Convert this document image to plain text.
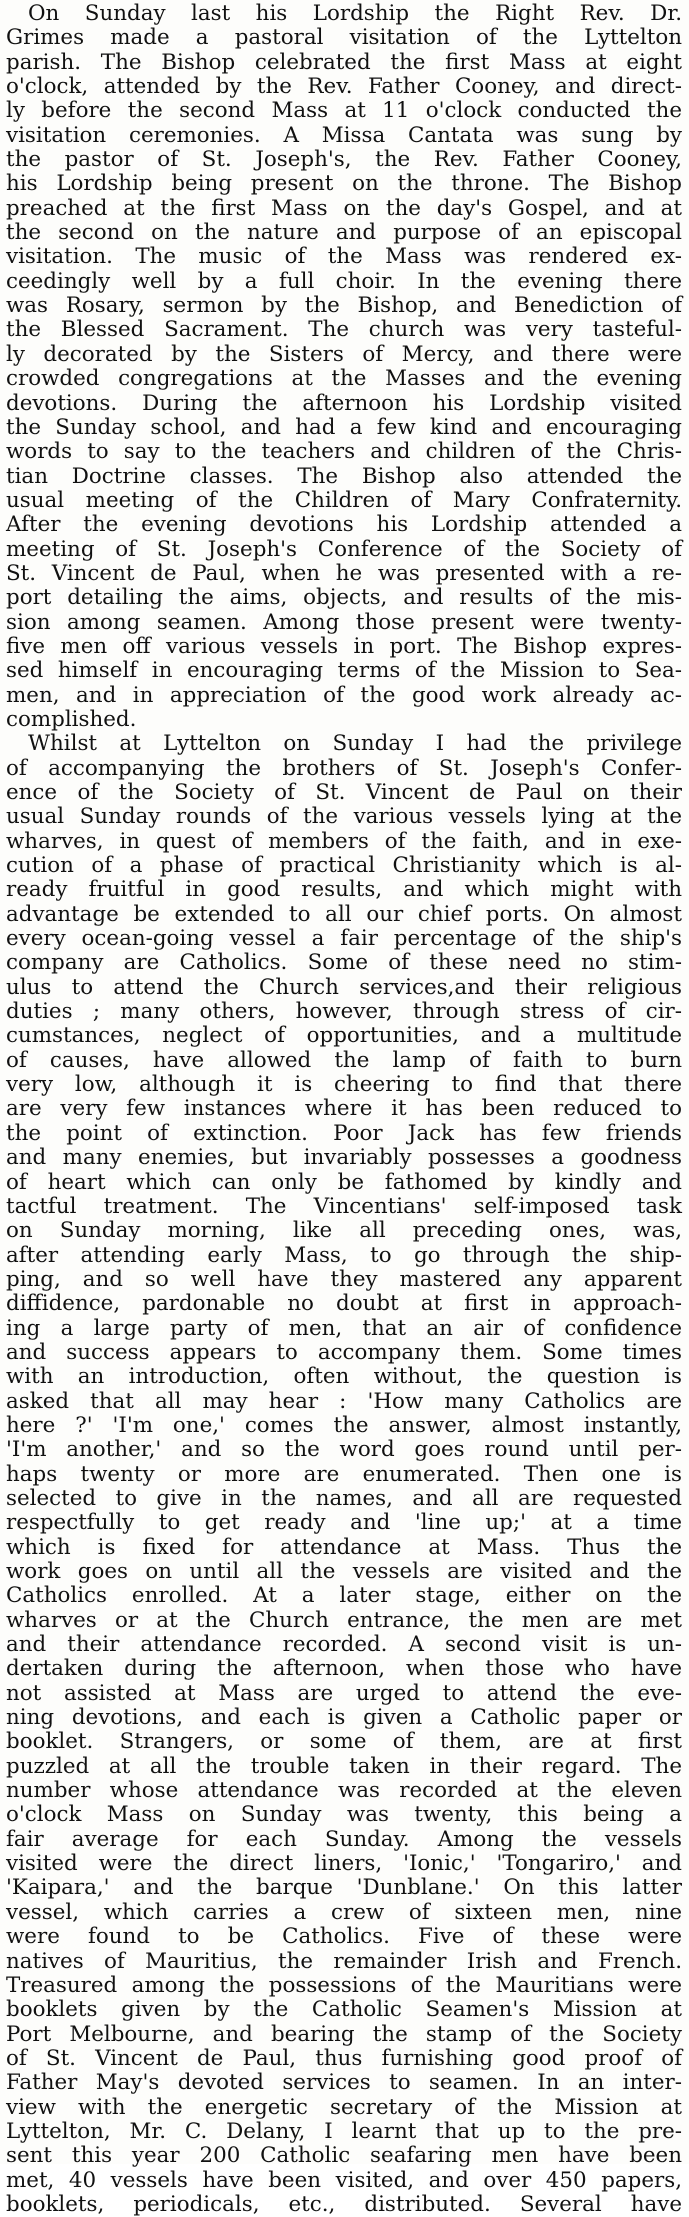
On Sunday last his Lordship the Right Rev. Dr.
Grimes made a pastoral visitation of the Lyttelton
parish. The Bishop celebrated the first Mass at eight
o'clock, attended by the Rev. Father Cooney, and direct-
ly before the second Mass at 11 o'clock conducted the
visitation ceremonies. A Missa Cantata was sung by
the pastor of St. Joseph's, the Rev. Father Cooney,
his Lordship being present on the throne. The Bishop
preached at the first Mass on the day's Gospel, and at
the second on the nature and purpose of an episcopal
visitation. The music of the Mass was rendered ex-
ceedingly well by a full choir. In the evening there
was Rosary, sermon by the Bishop, and Benediction of
the Blessed Sacrament. The church was very tasteful-
ly decorated by the Sisters of Mercy, and there were
crowded congregations at the Masses and the evening
devotions. During the afternoon his Lordship visited
the Sunday school, and had a few kind and encouraging
words to say to the teachers and children of the Chris-
tian Doctrine classes. The Bishop also attended the
usual meeting of the Children of Mary Confraternity.
After the evening devotions his Lordship attended a
meeting of St. Joseph's Conference of the Society of
St. Vincent de Paul, when he was presented with a re-
port detailing the aims, objects, and results of the mis-
sion among seamen. Among those present were twenty-
five men off various vessels in port. The Bishop expres-
sed himself in encouraging terms of the Mission to Sea-
men, and in appreciation of the good work already ac-
complished.
Whilst at Lyttelton on Sunday I had the privilege
of accompanying the brothers of St. Joseph's Confer-
ence of the Society of St. Vincent de Paul on their
usual Sunday rounds of the various vessels lying at the
wharves, in quest of members of the faith, and in exe-
cution of a phase of practical Christianity which is al-
ready fruitful in good results, and which might with
advantage be extended to all our chief ports. On almost
every ocean-going vessel a fair percentage of the ship's
company are Catholics. Some of these need no stim-
ulus to attend the Church services,and their religious
duties ; many others, however, through stress of cir-
cumstances, neglect of opportunities, and a multitude
of causes, have allowed the lamp of faith to burn
very low, although it is cheering to find that there
are very few instances where it has been reduced to
the point of extinction. Poor Jack has few friends
and many enemies, but invariably possesses a goodness
of heart which can only be fathomed by kindly and
tactful treatment. The Vincentians' self-imposed task
on Sunday morning, like all preceding ones, was,
after attending early Mass, to go through the ship-
ping, and so well have they mastered any apparent
diffidence, pardonable no doubt at first in approach-
ing a large party of men, that an air of confidence
and success appears to accompany them. Some times
with an introduction, often without, the question is
asked that all may hear : 'How many Catholics are
here ?' 'I'm one,' comes the answer, almost instantly,
'I'm another,' and so the word goes round until per-
haps twenty or more are enumerated. Then one is
selected to give in the names, and all are requested
respectfully to get ready and 'line up;' at a time
which is fixed for attendance at Mass. Thus the
work goes on until all the vessels are visited and the
Catholics enrolled. At a later stage, either on the
wharves or at the Church entrance, the men are met
and their attendance recorded. A second visit is un-
dertaken during the afternoon, when those who have
not assisted at Mass are urged to attend the eve-
ning devotions, and each is given a Catholic paper or
booklet. Strangers, or some of them, are at first
puzzled at all the trouble taken in their regard. The
number whose attendance was recorded at the eleven
o'clock Mass on Sunday was twenty, this being a
fair average for each Sunday. Among the vessels
visited were the direct liners, 'Ionic,' 'Tongariro,' and
'Kaipara,' and the barque 'Dunblane.' On this latter
vessel, which carries a crew of sixteen men, nine
were found to be Catholics. Five of these were
natives of Mauritius, the remainder Irish and French.
Treasured among the possessions of the Mauritians were
booklets given by the Catholic Seamen's Mission at
Port Melbourne, and bearing the stamp of the Society
of St. Vincent de Paul, thus furnishing good proof of
Father May's devoted services to seamen. In an inter-
view with the energetic secretary of the Mission at
Lyttelton, Mr. C. Delany, I learnt that up to the pre-
sent this year 200 Catholic seafaring men have been
met, 40 vessels have been visited, and over 450 papers,
booklets, periodicals, etc., distributed. Several have
